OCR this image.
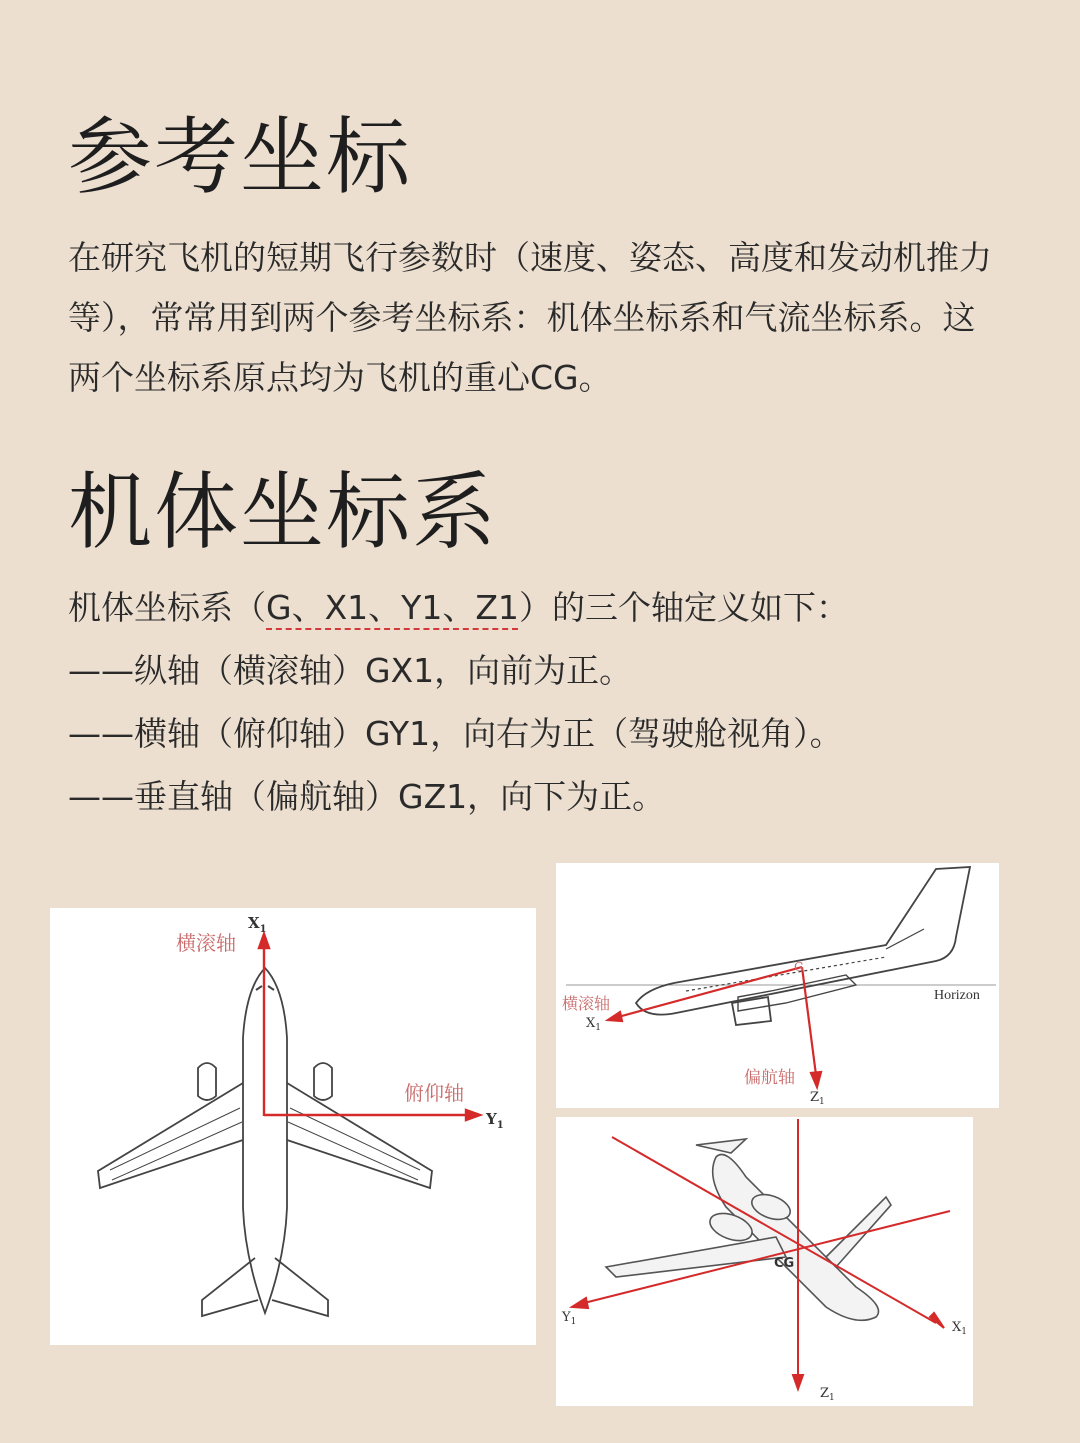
参考坐标

在研究飞机的短期飞行参数时（速度、姿态、高度和发动机推力等），常常用到两个参考坐标系：机体坐标系和气流坐标系。这两个坐标系原点均为飞机的重心CG。

机体坐标系
机体坐标系（G、X1、Y1、Z1）的三个轴定义如下：
——纵轴（横滚轴）GX1，向前为正。
——横轴（俯仰轴）GY1，向右为正（驾驶舱视角）。
——垂直轴（偏航轴）GZ1，向下为正。
横滚轴
俯仰轴
$X_1$
$Y_1$
G
Horizon
横滚轴
$X_1$
偏航轴
$Z_1$
CG
$X_1$
$Y_1$
$Z_1$
